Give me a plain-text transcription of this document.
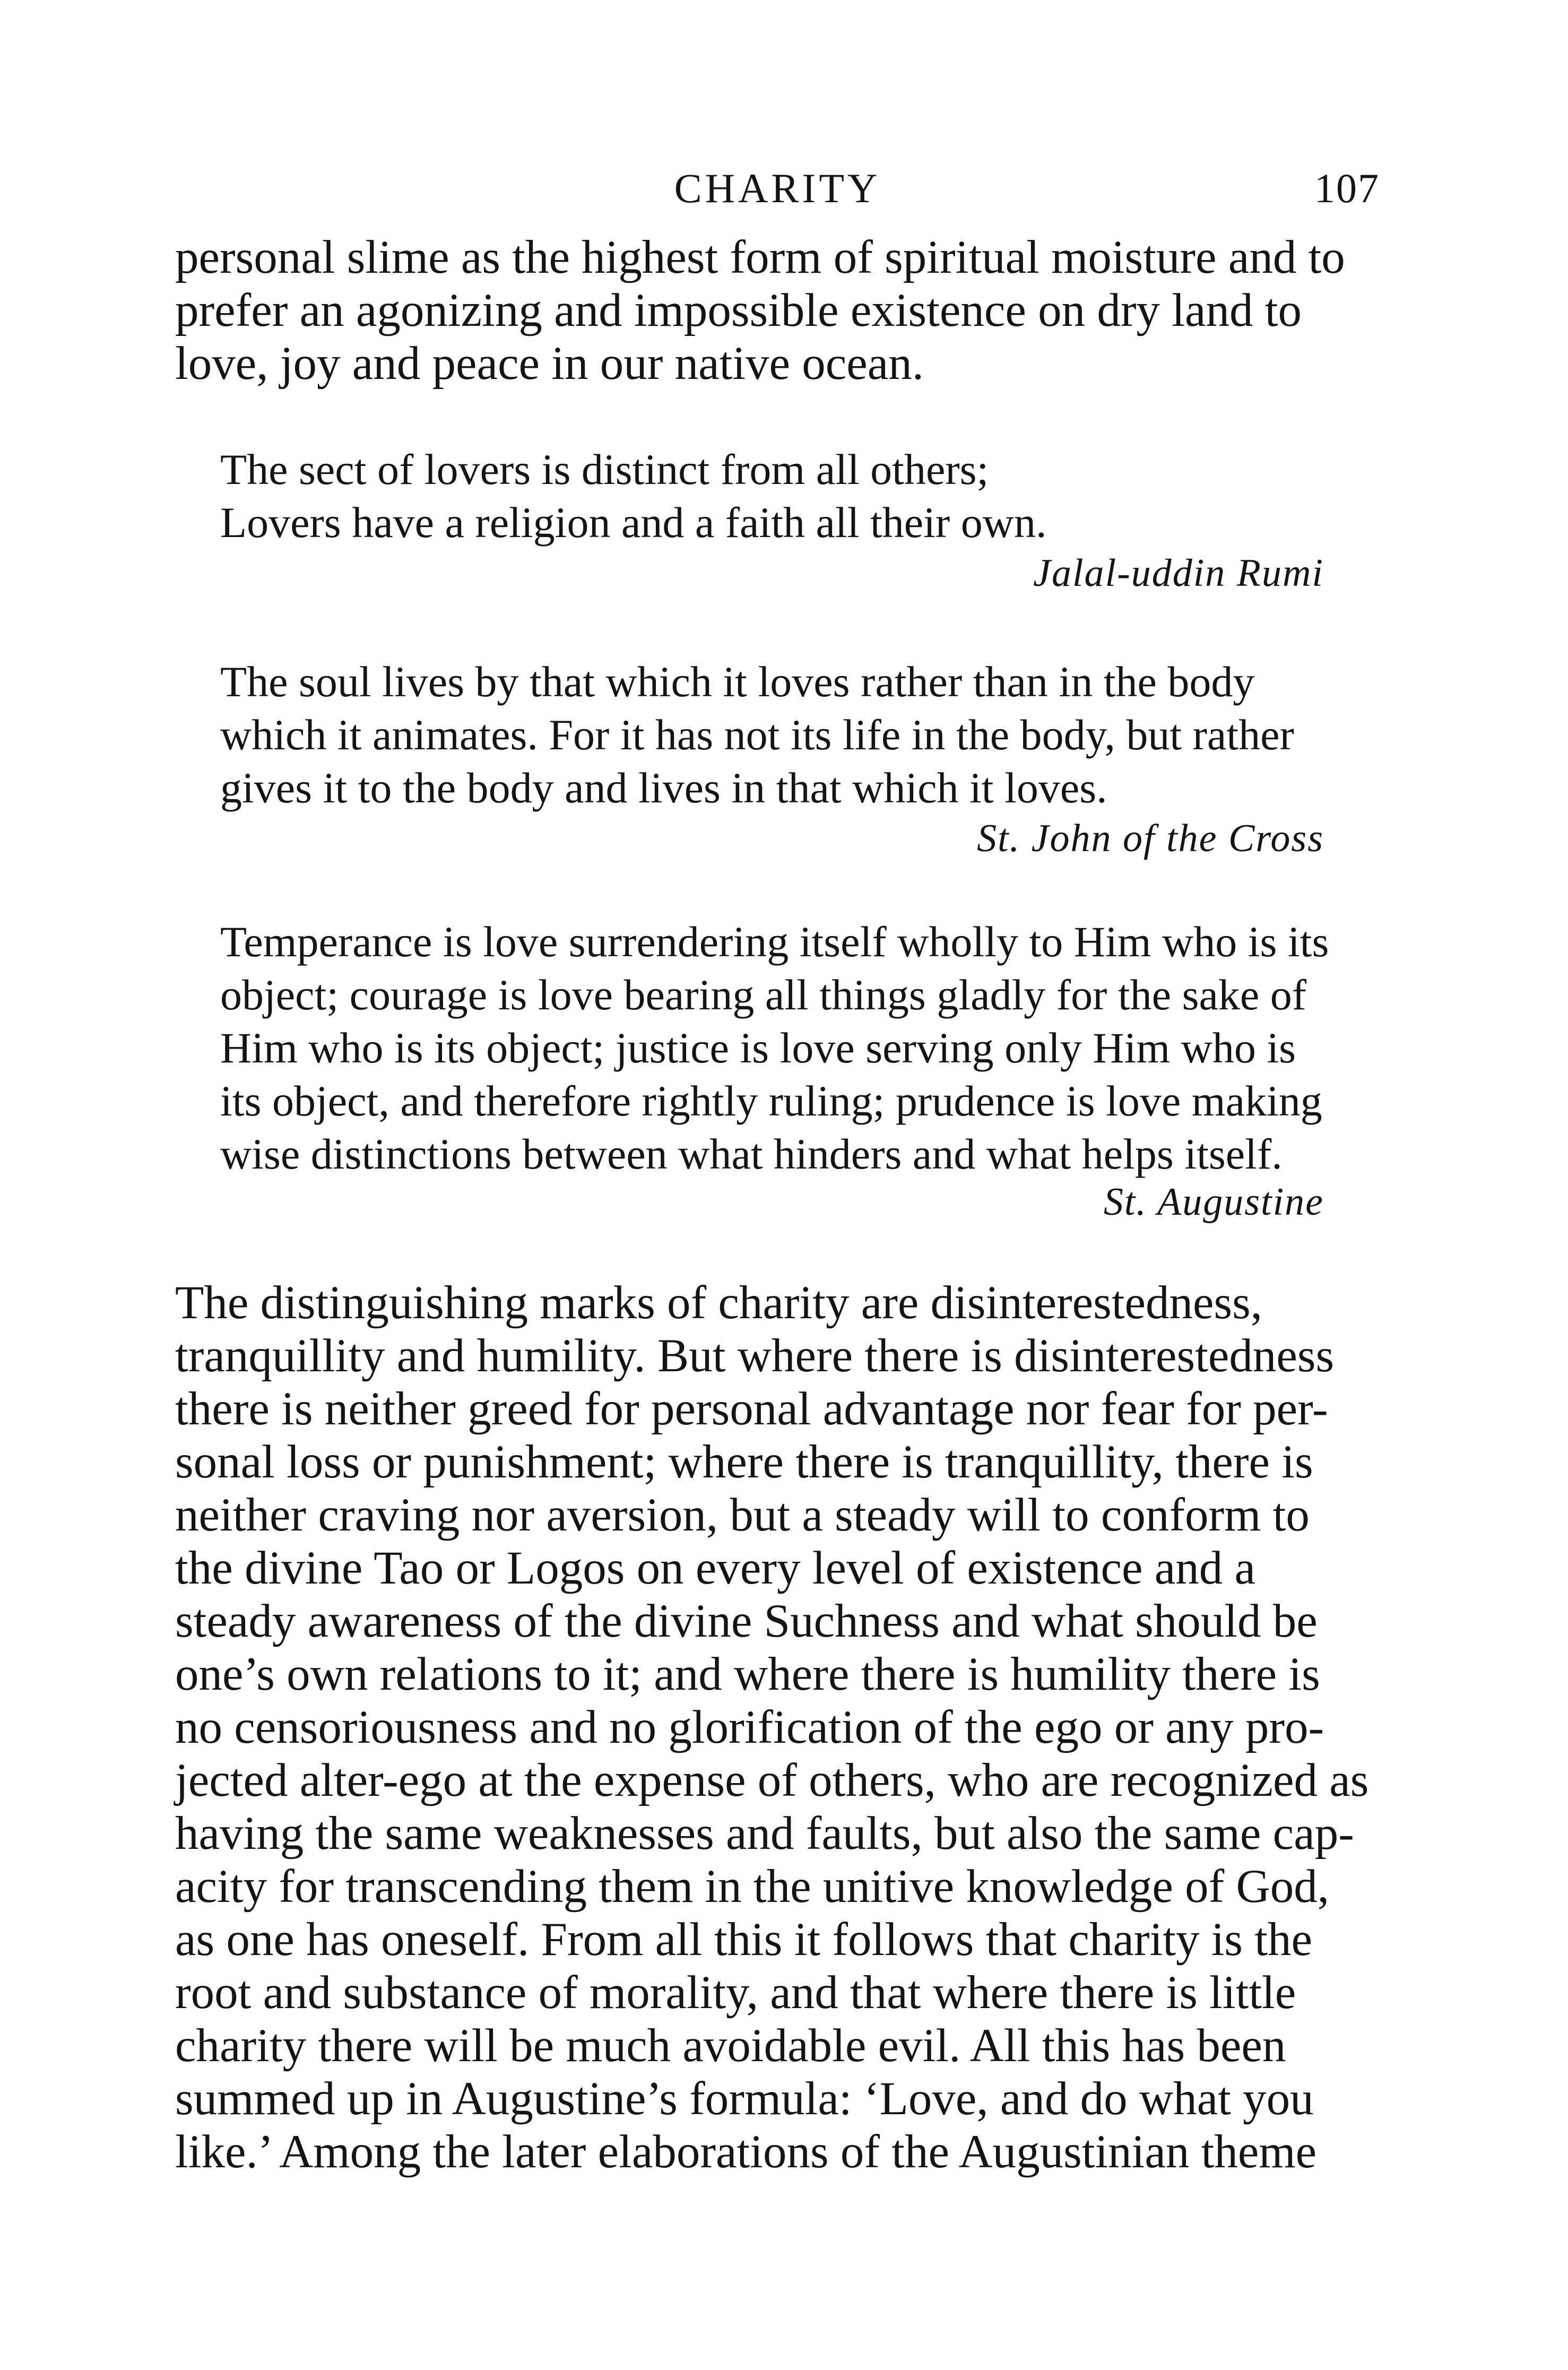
CHARITY	107
personal slime as the highest form of spiritual moisture and to
prefer an agonizing and impossible existence on dry land to
love, joy and peace in our native ocean.
The sect of lovers is distinct from all others;
Lovers have a religion and a faith all their own.
Jalal-uddin Rumi
The soul lives by that which it loves rather than in the body
which it animates. For it has not its life in the body, but rather
gives it to the body and lives in that which it loves.
St. John of the Cross
Temperance is love surrendering itself wholly to Him who is its
object; courage is love bearing all things gladly for the sake of
Him who is its object; justice is love serving only Him who is
its object, and therefore rightly ruling; prudence is love making
wise distinctions between what hinders and what helps itself.
St. Augustine
The distinguishing marks of charity are disinterestedness,
tranquillity and humility. But where there is disinterestedness
there is neither greed for personal advantage nor fear for per-
sonal loss or punishment; where there is tranquillity, there is
neither craving nor aversion, but a steady will to conform to
the divine Tao or Logos on every level of existence and a
steady awareness of the divine Suchness and what should be
one’s own relations to it; and where there is humility there is
no censoriousness and no glorification of the ego or any pro-
jected alter-ego at the expense of others, who are recognized as
having the same weaknesses and faults, but also the same cap-
acity for transcending them in the unitive knowledge of God,
as one has oneself. From all this it follows that charity is the
root and substance of morality, and that where there is little
charity there will be much avoidable evil. All this has been
summed up in Augustine’s formula: ‘Love, and do what you
like.’ Among the later elaborations of the Augustinian theme
